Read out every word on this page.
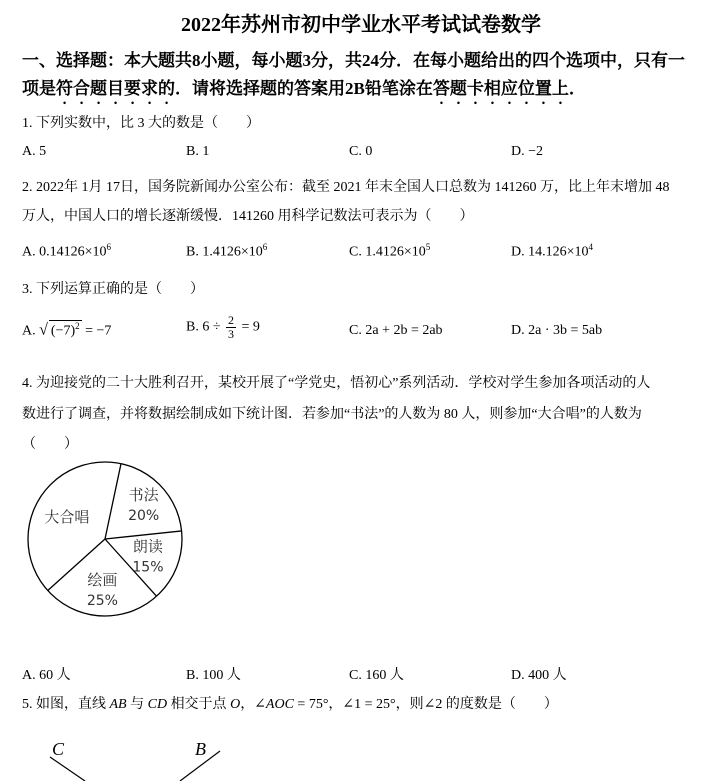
2022年苏州市初中学业水平考试试卷数学
一、选择题：本大题共8小题，每小题3分，共24分．在每小题给出的四个选项中，只有一
项是符合题目要求的．请将选择题的答案用2B铅笔涂在答题卡相应位置上．
1. 下列实数中，比 3 大的数是（　　）
A. 5	B. 1	C. 0	D. −2
2. 2022年 1月 17日，国务院新闻办公室公布：截至 2021 年末全国人口总数为 141260 万，比上年末增加 48
万人，中国人口的增长逐渐缓慢．141260 用科学记数法可表示为（　　）
A. $0.14126\times 10^6$	B. $1.4126\times 10^6$	C. $1.4126\times 10^5$	D. $14.126\times 10^4$
3. 下列运算正确的是（　　）
A. √ $(-7)^2 = -7$	B. $6 \div \frac{2}{3} = 9$	C. 2a + 2b = 2ab	D. 2a · 3b = 5ab
4. 为迎接党的二十大胜利召开，某校开展了“学党史，悟初心”系列活动．学校对学生参加各项活动的人
数进行了调查，并将数据绘制成如下统计图．若参加“书法”的人数为 80 人，则参加“大合唱”的人数为
（　　）
书法
20%
朗读
15%
绘画
25%
大合唱
A. 60 人	B. 100 人	C. 160 人	D. 400 人
5. 如图，直线 AB 与 CD 相交于点 O，∠AOC = 75°，∠1 = 25°，则∠2 的度数是（　　）
C	B
